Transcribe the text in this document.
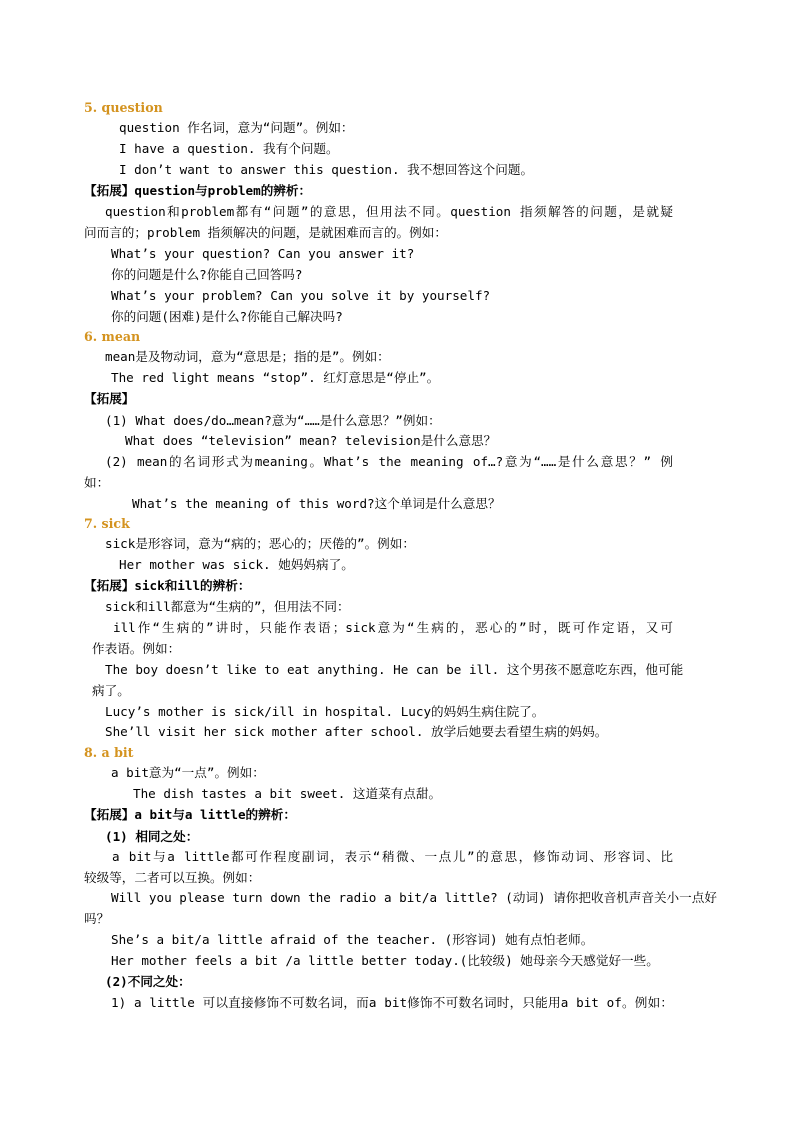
5. question
question 作名词，意为“问题”。例如：
I have a question. 我有个问题。
I don’t want to answer this question. 我不想回答这个问题。
【拓展】question与problem的辨析：
question和problem都有“问题”的意思，但用法不同。question 指须解答的问题，是就疑
问而言的；problem 指须解决的问题，是就困难而言的。例如：
What’s your question? Can you answer it?
你的问题是什么?你能自己回答吗?
What’s your problem? Can you solve it by yourself?
你的问题(困难)是什么?你能自己解决吗?
6. mean
mean是及物动词，意为“意思是；指的是”。例如：
The red light means “stop”. 红灯意思是“停止”。
【拓展】
(1) What does/do…mean?意为“……是什么意思？”例如：
What does “television” mean? television是什么意思？
(2) mean的名词形式为meaning。What’s the meaning of…?意为“……是什么意思？” 例
如：
What’s the meaning of this word?这个单词是什么意思？
7. sick
sick是形容词，意为“病的；恶心的；厌倦的”。例如：
Her mother was sick. 她妈妈病了。
【拓展】sick和ill的辨析：
sick和ill都意为“生病的”，但用法不同：
ill作“生病的”讲时，只能作表语；sick意为“生病的，恶心的”时，既可作定语，又可
作表语。例如：
The boy doesn’t like to eat anything. He can be ill. 这个男孩不愿意吃东西，他可能
病了。
Lucy’s mother is sick/ill in hospital. Lucy的妈妈生病住院了。
She’ll visit her sick mother after school. 放学后她要去看望生病的妈妈。
8. a bit
a bit意为“一点”。例如：
The dish tastes a bit sweet. 这道菜有点甜。
【拓展】a bit与a little的辨析：
(1) 相同之处：
a bit与a little都可作程度副词，表示“稍微、一点儿”的意思，修饰动词、形容词、比
较级等，二者可以互换。例如：
Will you please turn down the radio a bit/a little? (动词) 请你把收音机声音关小一点好
吗？
She’s a bit/a little afraid of the teacher. (形容词) 她有点怕老师。
Her mother feels a bit /a little better today.(比较级) 她母亲今天感觉好一些。
(2)不同之处：
1) a little 可以直接修饰不可数名词，而a bit修饰不可数名词时，只能用a bit of。例如：
